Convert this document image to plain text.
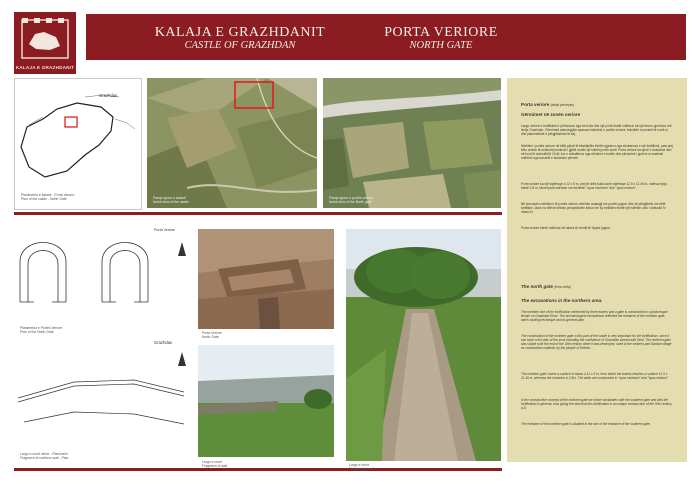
KALAJA E GRAZHDANIT
KALAJA E GRAZHDANIT
CASTLE OF GRAZHDAN
PORTA VERIORE
NORTH GATE
Grazhdan
Planimetria e kalasë - Porta Veriore
Plan of the castle - North Gate	Pamje ajrore e kalasë
Aerial view of the castle
Pamje ajrore e portës veriore
Aerial view of the North gate
Porta Veriore
Planimetria e Portës Veriore
Plan of the North Gate	Porta Veriore
North Gate
Largo e murit
Fragment of wall
Grazhdan
Largo e murit verior - Planimetri
Fragment of northern wall - Plan
Largo e murit
Fragment of wall
Porta veriore (teksti përveçse)
Gërmimet në zonën veriore
Largo veriore e fortifikimit e përforcuar nga tre kulla dhe një portë është ndërtuar në një terren pjerrësor më lindje Grazhdan. Gërmimet arkeologjike sqaruan historinë e portës veriore, teknikën e punimit të murit si dhe planimetrinë e përgjithshme të saj.
Ndërtimi i portës veriore në këtë pjesë të kështjellës është ngjeshur nga ekzistenca e një fortifikimi, pasi prej këtu arrinte të ushtrohej kontrolli i gjithë zonës që shtrihej rreth lumit. Porta veriore ka qenë e dukshme deri në fund të shekullit të 19-të, kur u shkatërrua nga rrënimet e kohës dhe përdorimi i gurëve si material ndërtimi nga banorët e fshatrave përreth.
Porta veriore ka një sipërfaqe 4.12 x 5 m, prej të cilës kulla kanë sipërfaqe 12.5 x 11.45 m, ndërsa hyrja është 2.8 m. Muret janë ndërtuar me teknikën "opus incertum" dhe "opus mixtum".
Në konceptin ndërtimor të portës veriore vërehen analogji me portën jugore dhe në përgjithësi me këtë fortifikim, duke na dhënë kështu perspektivën lidhur me ky fortifikim është një ndërtim unik i shekullit IV mbas Kr.
Porta veriore është ndërtuar në akses të vendit të hyrjes jugore.
The north gate (terra cotta)
The excavations in the northern area.
The northern line of the fortification reinforced by three towers and a gate is constructed in a picturesque terrain on Grazhdan River. The archaeological excavations reflected the entrance of the northern gate, wall's working technique and its general plan.
The construction of the northern gate in this part of the castle is very important for the fortification, since it can have a full view of the zone including the confluence of Grazhdan stream with Drini. The northern gate was visible until the end of the 19th century when it was destroyed, used in the western part Dardan village as construction material, by the people of Hotesh.
The northern gate covers a surface of about 4.12 x 5 m, from which the towers reaches a surface 12.5 x 11.45 m, whereas the entrance is 2.8m. The walls are constructed in "opus incertum" and "opus mixtum".
In the constructive concept of the northern gate we notice similarities with the southern gate and with the fortification in general, thus giving the idea that this fortification is an unique construction of the IVth century a.D.
The entrance of the northern gate is situated in the axe of the entrance of the southern gate.
